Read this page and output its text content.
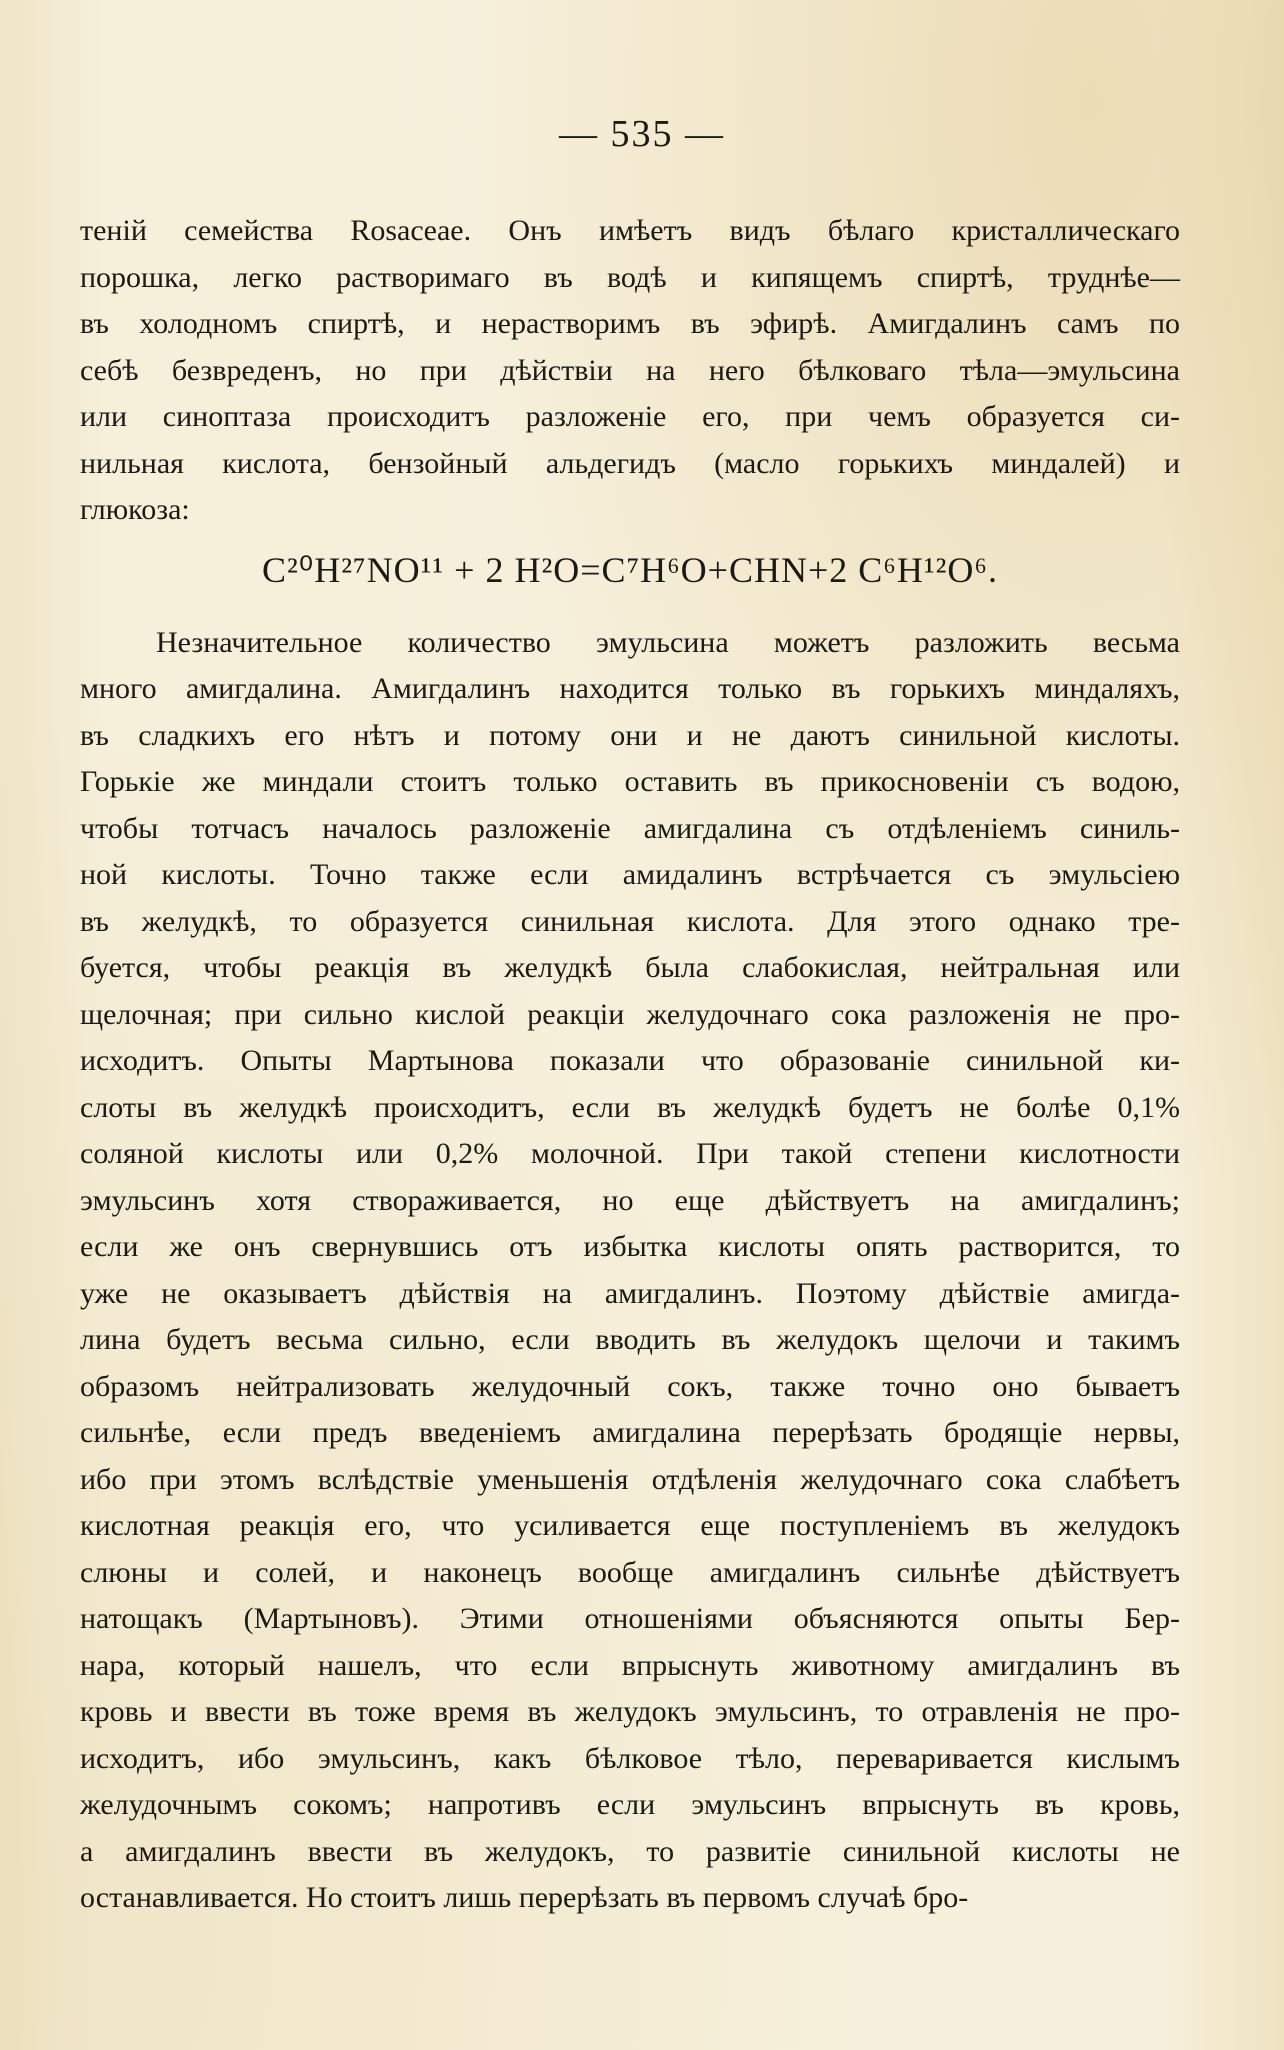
— 535 —
тенiй семейства Rosaceae. Онъ имѣетъ видъ бѣлаго кристаллическаго
порошка, легко растворимаго въ водѣ и кипящемъ спиртѣ, труднѣе—
въ холодномъ спиртѣ, и нерастворимъ въ эфирѣ. Амигдалинъ самъ по
себѣ безвреденъ, но при дѣйствiи на него бѣлковаго тѣла—эмульсина
или синоптаза происходитъ разложенiе его, при чемъ образуется си-
нильная кислота, бензойный альдегидъ (масло горькихъ миндалей) и
глюкоза:
C²⁰H²⁷NO¹¹ + 2 H²O=C⁷H⁶O+CHN+2 C⁶H¹²O⁶.
Незначительное количество эмульсина можетъ разложить весьма
много амигдалина. Амигдалинъ находится только въ горькихъ миндаляхъ,
въ сладкихъ его нѣтъ и потому они и не даютъ синильной кислоты.
Горькiе же миндали стоитъ только оставить въ прикосновенiи съ водою,
чтобы тотчасъ началось разложенiе амигдалина съ отдѣленiемъ синиль-
ной кислоты. Точно также если амидалинъ встрѣчается съ эмульсiею
въ желудкѣ, то образуется синильная кислота. Для этого однако тре-
буется, чтобы реакцiя въ желудкѣ была слабокислая, нейтральная или
щелочная; при сильно кислой реакцiи желудочнаго сока разложенiя не про-
исходитъ. Опыты Мартынова показали что образованiе синильной ки-
слоты въ желудкѣ происходитъ, если въ желудкѣ будетъ не болѣе 0,1%
соляной кислоты или 0,2% молочной. При такой степени кислотности
эмульсинъ хотя створаживается, но еще дѣйствуетъ на амигдалинъ;
если же онъ свернувшись отъ избытка кислоты опять растворится, то
уже не оказываетъ дѣйствiя на амигдалинъ. Поэтому дѣйствiе амигда-
лина будетъ весьма сильно, если вводить въ желудокъ щелочи и такимъ
образомъ нейтрализовать желудочный сокъ, также точно оно бываетъ
сильнѣе, если предъ введенiемъ амигдалина перерѣзать бродящiе нервы,
ибо при этомъ вслѣдствiе уменьшенiя отдѣленiя желудочнаго сока слабѣетъ
кислотная реакцiя его, что усиливается еще поступленiемъ въ желудокъ
слюны и солей, и наконецъ вообще амигдалинъ сильнѣе дѣйствуетъ
натощакъ (Мартыновъ). Этими отношенiями объясняются опыты Бер-
нара, который нашелъ, что если впрыснуть животному амигдалинъ въ
кровь и ввести въ тоже время въ желудокъ эмульсинъ, то отравленiя не про-
исходитъ, ибо эмульсинъ, какъ бѣлковое тѣло, переваривается кислымъ
желудочнымъ сокомъ; напротивъ если эмульсинъ впрыснуть въ кровь,
а амигдалинъ ввести въ желудокъ, то развитiе синильной кислоты не
останавливается. Но стоитъ лишь перерѣзать въ первомъ случаѣ бро-
